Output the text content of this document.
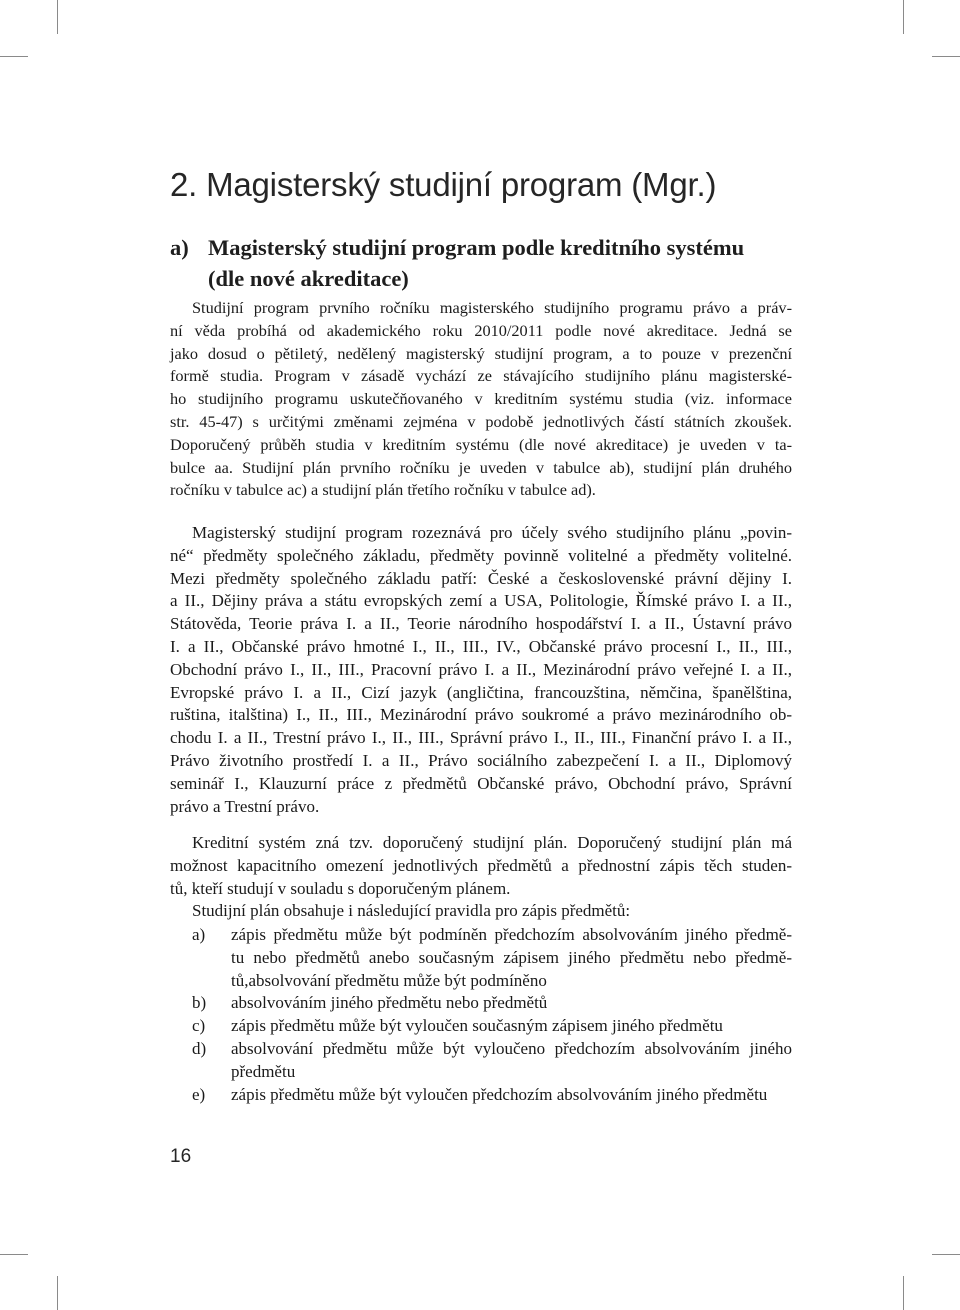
2. Magisterský studijní program (Mgr.)
a) Magisterský studijní program podle kreditního systému
(dle nové akreditace)
Studijní program prvního ročníku magisterského studijního programu právo a práv-
ní věda probíhá od akademického roku 2010/2011 podle nové akreditace. Jedná se
jako dosud o pětiletý, nedělený magisterský studijní program, a to pouze v prezenční
formě studia. Program v zásadě vychází ze stávajícího studijního plánu magisterské-
ho studijního programu uskutečňovaného v kreditním systému studia (viz. informace
str. 45-47) s určitými změnami zejména v podobě jednotlivých částí státních zkoušek.
Doporučený průběh studia v kreditním systému (dle nové akreditace) je uveden v ta-
bulce aa. Studijní plán prvního ročníku je uveden v tabulce ab), studijní plán druhého
ročníku v tabulce ac) a studijní plán třetího ročníku v tabulce ad).
Magisterský studijní program rozeznává pro účely svého studijního plánu „povin-
né“ předměty společného základu, předměty povinně volitelné a předměty volitelné.
Mezi předměty společného základu patří: České a československé právní dějiny I.
a II., Dějiny práva a státu evropských zemí a USA, Politologie, Římské právo I. a II.,
Státověda, Teorie práva I. a II., Teorie národního hospodářství I. a II., Ústavní právo
I. a II., Občanské právo hmotné I., II., III., IV., Občanské právo procesní I., II., III.,
Obchodní právo I., II., III., Pracovní právo I. a II., Mezinárodní právo veřejné I. a II.,
Evropské právo I. a II., Cizí jazyk (angličtina, francouzština, němčina, španělština,
ruština, italština) I., II., III., Mezinárodní právo soukromé a právo mezinárodního ob-
chodu I. a II., Trestní právo I., II., III., Správní právo I., II., III., Finanční právo I. a II.,
Právo životního prostředí I. a II., Právo sociálního zabezpečení I. a II., Diplomový
seminář I., Klauzurní práce z předmětů Občanské právo, Obchodní právo, Správní
právo a Trestní právo.
Kreditní systém zná tzv. doporučený studijní plán. Doporučený studijní plán má
možnost kapacitního omezení jednotlivých předmětů a přednostní zápis těch studen-
tů, kteří studují v souladu s doporučeným plánem.
Studijní plán obsahuje i následující pravidla pro zápis předmětů:
a) zápis předmětu může být podmíněn předchozím absolvováním jiného předmě-
tu nebo předmětů anebo současným zápisem jiného předmětu nebo předmě-
tů,absolvování předmětu může být podmíněno
b) absolvováním jiného předmětu nebo předmětů
c) zápis předmětu může být vyloučen současným zápisem jiného předmětu
d) absolvování předmětu může být vyloučeno předchozím absolvováním jiného
předmětu
e) zápis předmětu může být vyloučen předchozím absolvováním jiného předmětu
16
